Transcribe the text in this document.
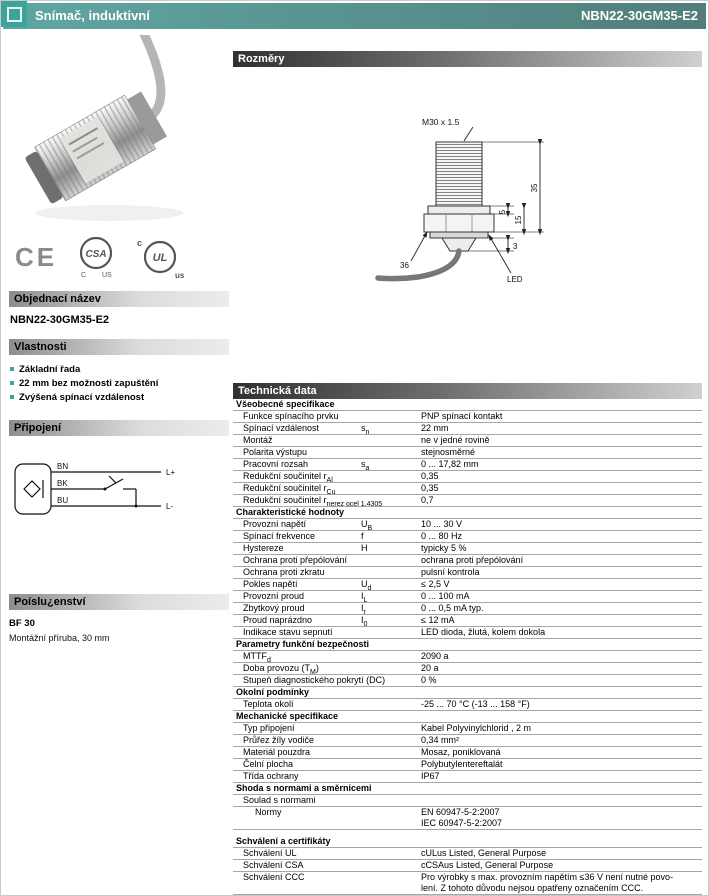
Snímač, induktivní	NBN22-30GM35-E2
CE	CSA
C US
c
UL
us
Objednací název
NBN22-30GM35-E2
Vlastnosti
Základní řada
22 mm bez možnosti zapuštění
Zvýšená spínací vzdálenost
Připojení
BN
BK
BU
L+
L-
Poíslu¿enství
BF 30
Montážní příruba, 30 mm
Rozměry
M30 x 1.5
5
15
35
36
3
LED
Technická data
Všeobecné specifikace
Funkce spínacího prvku	PNP spínací kontakt
Spínací vzdálenost	$s_n$	22 mm
Montáž	ne v jedné rovině
Polarita výstupu	stejnosměrné
Pracovní rozsah	$s_a$	0 ... 17,82 mm
Redukční součinitel $r_{Al}$	0,35
Redukční součinitel $r_{Cu}$	0,35
Redukční součinitel $r_{nerez ocel 1.4305}$	0,7
Charakteristické hodnoty
Provozní napětí	$U_B$	10 ... 30 V
Spínací frekvence	f	0 ... 80 Hz
Hystereze	H	typicky 5 %
Ochrana proti přepólování	ochrana proti přepólování
Ochrana proti zkratu	pulsní kontrola
Pokles napětí	$U_d$	≤ 2,5 V
Provozní proud	$I_L$	0 ... 100 mA
Zbytkový proud	$I_r$	0 ... 0,5 mA typ.
Proud naprázdno	$I_0$	≤ 12 mA
Indikace stavu sepnutí	LED dioda, žlutá, kolem dokola
Parametry funkční bezpečnosti
$MTTF_d$	2090 a
Doba provozu $(T_M)$	20 a
Stupeň diagnostického pokrytí (DC)	0 %
Okolní podmínky
Teplota okolí	-25 ... 70 °C (-13 ... 158 °F)
Mechanické specifikace
Typ připojení	Kabel Polyvinylchlorid , 2 m
Průřez žíly vodiče	0,34 mm²
Materiál pouzdra	Mosaz, poniklovaná
Čelní plocha	Polybutylentereftalát
Třída ochrany	IP67
Shoda s normami a směrnicemi
Soulad s normami
Normy	EN 60947-5-2:2007
IEC 60947-5-2:2007
Schválení a certifikáty
Schválení UL	cULus Listed, General Purpose
Schválení CSA	cCSAus Listed, General Purpose
Schválení CCC	Pro výrobky s max. provozním napětím ≤36 V není nutné povo-
lení. Z tohoto důvodu nejsou opatřeny označením CCC.
